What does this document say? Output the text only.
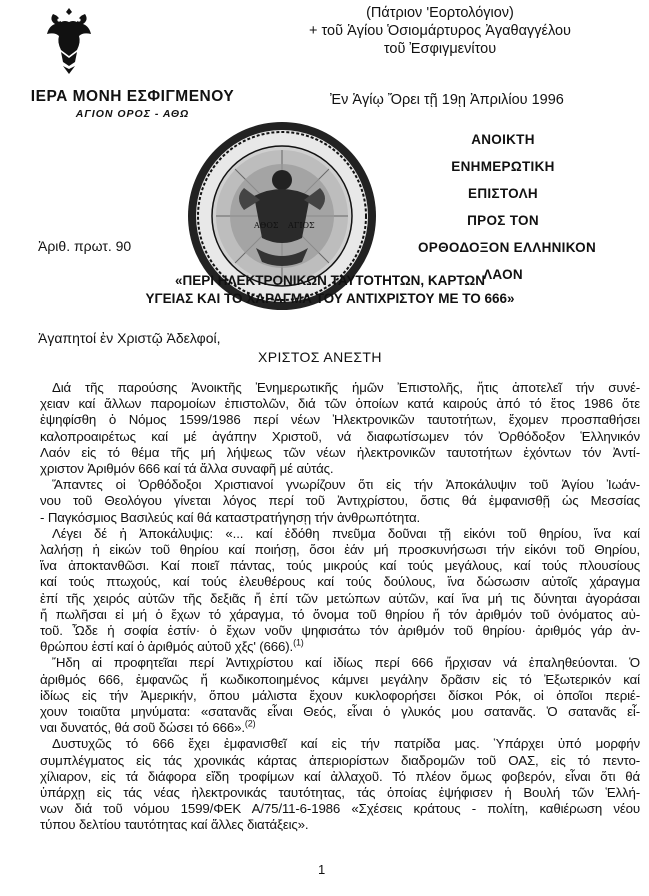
ΙΕΡΑ ΜΟΝΗ ΕΣΦΙΓΜΕΝΟΥ
ΑΓΙΟΝ ΟΡΟΣ - ΑΘΩ
(Πάτριον 'Εορτολόγιον)
+ τοῦ Ἁγίου Ὁσιομάρτυρος Ἀγαθαγγέλου
τοῦ Ἐσφιγμενίτου
Ἐν Ἁγίῳ Ὄρει τῇ 19ῃ Ἀπριλίου 1996
ΑΘΟΣ ΑΓΙΟΣ
ΑΝΟΙΚΤΗ
ΕΝΗΜΕΡΩΤΙΚΗ
ΕΠΙΣΤΟΛΗ
ΠΡΟΣ ΤΟΝ
ΟΡΘΟΔΟΞΟΝ ΕΛΛΗΝΙΚΟΝ
ΛΑΟΝ
Ἀριθ. πρωτ. 90
«ΠΕΡΙ ΗΛΕΚΤΡΟΝΙΚΩΝ ΤΑΥΤΟΤΗΤΩΝ, ΚΑΡΤΩΝ
ΥΓΕΙΑΣ ΚΑΙ ΤΟ ΧΑΡΑΓΜΑ ΤΟΥ ΑΝΤΙΧΡΙΣΤΟΥ ΜΕ ΤΟ 666»
Ἀγαπητοί ἐν Χριστῷ Ἀδελφοί,
ΧΡΙΣΤΟΣ ΑΝΕΣΤΗ
Διά τῆς παρούσης Ἀνοικτῆς Ἐνημερωτικῆς ἡμῶν Ἐπιστολῆς, ἥτις ἀποτελεῖ τήν συνέ-
χειαν καί ἄλλων παρομοίων ἐπιστολῶν, διά τῶν ὁποίων κατά καιρούς ἀπό τό ἔτος 1986 ὅτε
ἐψηφίσθη ὁ Νόμος 1599/1986 περί νέων Ἠλεκτρονικῶν ταυτοτήτων, ἔχομεν προσπαθήσει
καλοπροαιρέτως καί μέ ἀγάπην Χριστοῦ, νά διαφωτίσωμεν τόν Ὀρθόδοξον Ἑλληνικόν
Λαόν εἰς τό θέμα τῆς μή λήψεως τῶν νέων ἠλεκτρονικῶν ταυτοτήτων ἐχόντων τόν Ἀντί-
χριστον Ἀριθμόν 666 καί τά ἄλλα συναφῆ μέ αὐτάς.
Ἅπαντες οἱ Ὀρθόδοξοι Χριστιανοί γνωρίζουν ὅτι εἰς τήν Ἀποκάλυψιν τοῦ Ἁγίου Ἰωάν-
νου τοῦ Θεολόγου γίνεται λόγος περί τοῦ Ἀντιχρίστου, ὅστις θά ἐμφανισθῇ ὡς Μεσσίας
- Παγκόσμιος Βασιλεύς καί θά καταστρατήγησῃ τήν ἀνθρωπότητα.
Λέγει δέ ἡ Ἀποκάλυψις: «... καί ἐδόθη πνεῦμα δοῦναι τῇ εἰκόνι τοῦ θηρίου, ἵνα καί
λαλήσῃ ἡ εἰκών τοῦ θηρίου καί ποιήσῃ, ὅσοι ἐάν μή προσκυνήσωσι τήν εἰκόνι τοῦ Θηρίου,
ἵνα ἀποκτανθῶσι. Καί ποιεῖ πάντας, τούς μικρούς καί τούς μεγάλους, καί τούς πλουσίους
καί τούς πτωχούς, καί τούς ἐλευθέρους καί τούς δούλους, ἵνα δώσωσιν αὐτοῖς χάραγμα
ἐπί τῆς χειρός αὐτῶν τῆς δεξιᾶς ἤ ἐπί τῶν μετώπων αὐτῶν, καί ἵνα μή τις δύνηται ἀγοράσαι
ἤ πωλῆσαι εἰ μή ὁ ἔχων τό χάραγμα, τό ὄνομα τοῦ θηρίου ἤ τόν ἀριθμόν τοῦ ὀνόματος αὐ-
τοῦ. Ὧδε ἡ σοφία ἐστίν· ὁ ἔχων νοῦν ψηφισάτω τόν ἀριθμόν τοῦ θηρίου· ἀριθμός γάρ ἀν-
θρώπου ἐστί καί ὁ ἀριθμός αὐτοῦ χξς' (666).$^{(1)}$
Ἤδη αἱ προφητεῖαι περί Ἀντιχρίστου καί ἰδίως περί 666 ἤρχισαν νά ἐπαληθεύονται. Ὁ
ἀριθμός 666, ἐμφανῶς ἤ κωδικοποιημένος κάμνει μεγάλην δρᾶσιν εἰς τό Ἐξωτερικόν καί
ἰδίως εἰς τήν Ἀμερικήν, ὅπου μάλιστα ἔχουν κυκλοφορήσει δίσκοι Ρόκ, οἱ ὁποῖοι περιέ-
χουν τοιαῦτα μηνύματα: «σατανᾶς εἶναι Θεός, εἶναι ὁ γλυκός μου σατανᾶς. Ὁ σατανᾶς εἶ-
ναι δυνατός, θά σοῦ δώσει τό 666».$^{(2)}$
Δυστυχῶς τό 666 ἔχει ἐμφανισθεῖ καί εἰς τήν πατρίδα μας. Ὑπάρχει ὑπό μορφήν
συμπλέγματος εἰς τάς χρονικάς κάρτας ἀπεριορίστων διαδρομῶν τοῦ ΟΑΣ, εἰς τό πεντο-
χίλιαρον, εἰς τά διάφορα εἴδη τροφίμων καί ἀλλαχοῦ. Τό πλέον ὅμως φοβερόν, εἶναι ὅτι θά
ὑπάρχῃ εἰς τάς νέας ἠλεκτρονικάς ταυτότητας, τάς ὁποίας ἐψήφισεν ἡ Βουλή τῶν Ἑλλή-
νων διά τοῦ νόμου 1599/ΦΕΚ Α/75/11-6-1986 «Σχέσεις κράτους - πολίτη, καθιέρωση νέου
τύπου δελτίου ταυτότητας καί ἄλλες διατάξεις».
1
